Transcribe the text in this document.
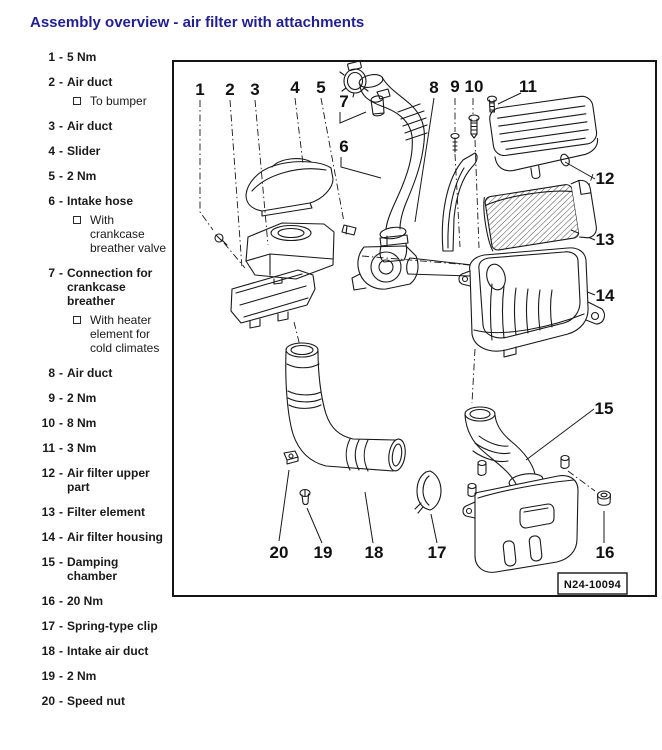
Assembly overview - air filter with attachments
1 - 5 Nm
2 - Air duct
To bumper
3 - Air duct
4 - Slider
5 - 2 Nm
6 - Intake hose
With crankcase breather valve
7 - Connection for crankcase breather
With heater element for cold climates
8 - Air duct
9 - 2 Nm
10 - 8 Nm
11 - 3 Nm
12 - Air filter upper part
13 - Filter element
14 - Air filter housing
15 - Damping chamber
16 - 20 Nm
17 - Spring-type clip
18 - Intake air duct
19 - 2 Nm
20 - Speed nut
1 2 3 4 5
6
7
8 9 10 11
12
13
14
15
16
17
18
19
20
N24-10094
